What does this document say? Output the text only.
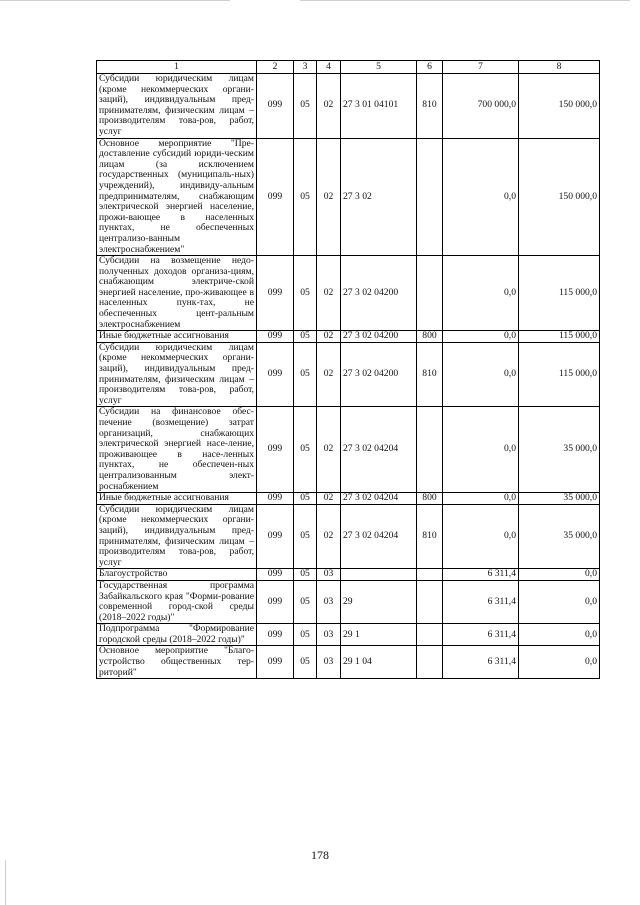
1	2	3	4	5	6	7	8
Субсидии юридическим лицам (кроме некоммерческих органи-заций), индивидуальным пред-принимателям, физическим лицам – производителям това-ров, работ, услуг	099	05	02	27 3 01 04101	810	700 000,0	150 000,0
Основное мероприятие "Пре-доставление субсидий юриди-ческим лицам (за исключением государственных (муниципаль-ных) учреждений), индивиду-альным предпринимателям, снабжающим электрической энергией население, прожи-вающее в населенных пунктах, не обеспеченных централизо-ванным электроснабжением"	099	05	02	27 3 02		0,0	150 000,0
Субсидии на возмещение недо-полученных доходов организа-циям, снабжающим электриче-ской энергией население, про-живающее в населенных пунк-тах, не обеспеченных цент-ральным электроснабжением	099	05	02	27 3 02 04200		0,0	115 000,0
Иные бюджетные ассигнования	099	05	02	27 3 02 04200	800	0,0	115 000,0
Субсидии юридическим лицам (кроме некоммерческих органи-заций), индивидуальным пред-принимателям, физическим лицам – производителям това-ров, работ, услуг	099	05	02	27 3 02 04200	810	0,0	115 000,0
Субсидии на финансовое обес-печение (возмещение) затрат организаций, снабжающих электрической энергией насе-ление, проживающее в насе-ленных пунктах, не обеспечен-ных централизованным элект-роснабжением	099	05	02	27 3 02 04204		0,0	35 000,0
Иные бюджетные ассигнования	099	05	02	27 3 02 04204	800	0,0	35 000,0
Субсидии юридическим лицам (кроме некоммерческих органи-заций), индивидуальным пред-принимателям, физическим лицам – производителям това-ров, работ, услуг	099	05	02	27 3 02 04204	810	0,0	35 000,0
Благоустройство	099	05	03			6 311,4	0,0
Государственная программа Забайкальского края "Форми-рование современной город-ской среды (2018–2022 годы)"	099	05	03	29		6 311,4	0,0
Подпрограмма "Формирование городской среды (2018–2022 годы)"	099	05	03	29 1		6 311,4	0,0
Основное мероприятие "Благо-устройство общественных тер-риторий"	099	05	03	29 1 04		6 311,4	0,0
178
